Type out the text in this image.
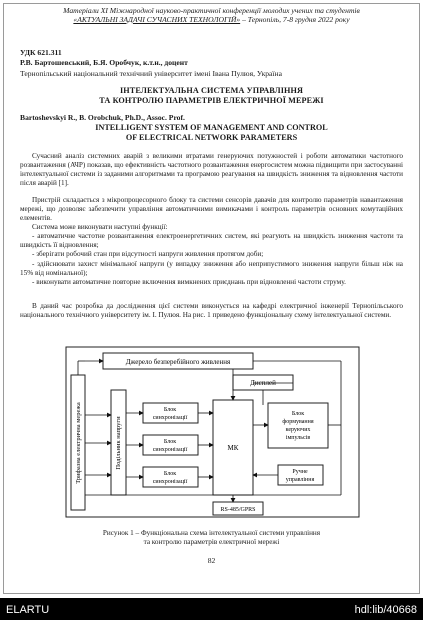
Матеріали XI Міжнародної науково-практичної конференції молодих учених та студентів
«АКТУАЛЬНІ ЗАДАЧІ СУЧАСНИХ ТЕХНОЛОГІЙ» – Тернопіль, 7-8 грудня 2022 року
УДК 621.311
Р.В. Бартошевський, Б.Я. Оробчук, к.т.н., доцент
Тернопільський національний технічний університет імені Івана Пулюя, Україна
ІНТЕЛЕКТУАЛЬНА СИСТЕМА УПРАВЛІННЯ
ТА КОНТРОЛЮ ПАРАМЕТРІВ ЕЛЕКТРИЧНОЇ МЕРЕЖІ
Bartoshevskyi R., B. Orobchuk, Ph.D., Assoc. Prof.
INTELLIGENT SYSTEM OF MANAGEMENT AND CONTROL
OF ELECTRICAL NETWORK PARAMETERS

Сучасний аналіз системних аварій з великими втратами генеруючих потужностей і роботи автоматики частотного розвантаження (АЧР) показав, що ефективність частотного розвантаження енергосистем можна підвищити при застосуванні інтелектуальної системи із заданими алгоритмами та програмою реагування на швидкість зниження та відновлення частоти після аварій [1].

Пристрій складається з мікропроцесорного блоку та системи сенсорів давачів для контролю параметрів навантаження мережі, що дозволяє забезпечити управління автоматичними вимикачами і контроль параметрів основних комутаційних елементів.

Система може виконувати наступні функції:

- автоматичне частотне розвантаження електроенергетичних систем, які реагують на швидкість зниження частоти та швидкість її відновлення;

- зберігати робочий стан при відсутності напруги живлення протягом доби;

- здійснювати захист мінімальної напруги (у випадку зниження або неприпустимого зниження напруги більш ніж на 15% від номінальної);

- виконувати автоматичне повторне включення вимкнених приєднань при відновленні частоти струму.

В даний час розробка да дослідження цієї системи виконується на кафедрі електричної інженерії Тернопільського національного технічного університету ім. І. Пулюя. На рис. 1 приведено функціональну схему інтелектуальної системи.

Джерело безперебійного живлення
Дисплей
Трифазна електрична мережа	Подільник напруги
Блок
синхронізації
Блок
синхронізації
Блок
синхронізації
МК
Блок
формування
керуючих
імпульсів
Ручне
управління
RS-485/GPRS
Рисунок 1 – Функціональна схема інтелектуальної системи управління
та контролю параметрів електричної мережі
82
ELARTU	hdl:lib/40668
